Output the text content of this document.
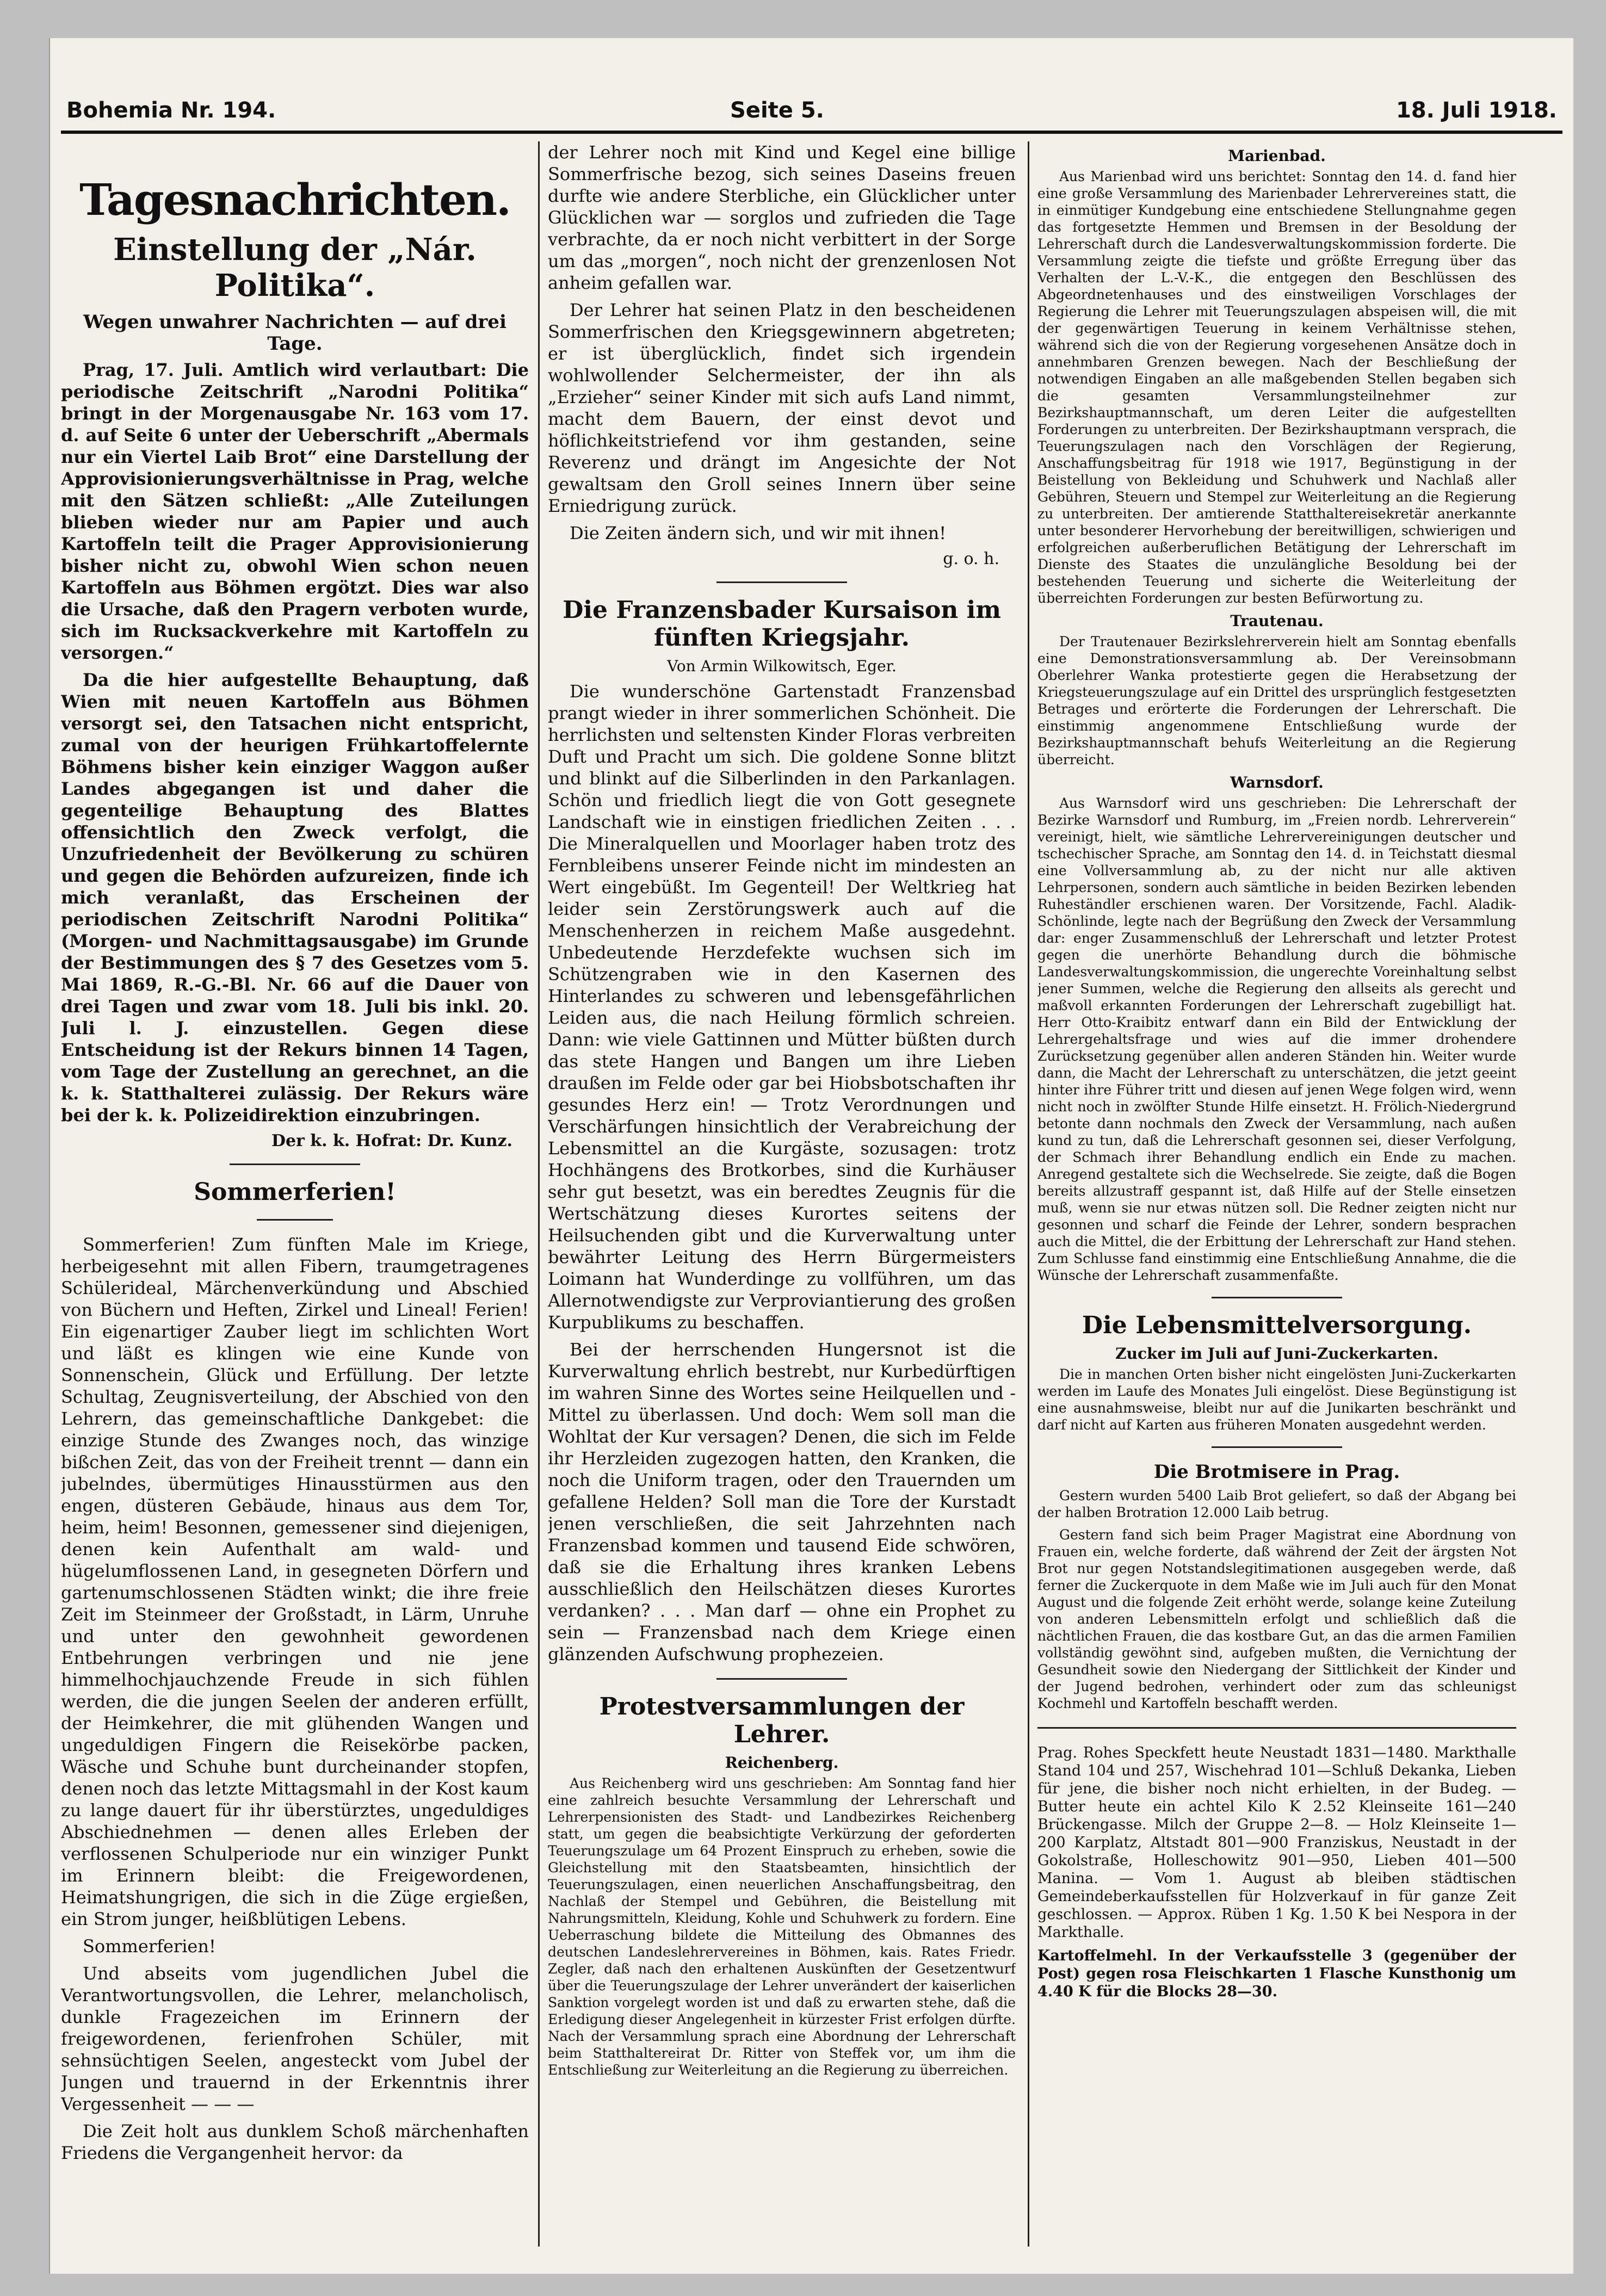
Bohemia Nr. 194.	Seite 5.	18. Juli 1918.
Tagesnachrichten.
Einstellung der „Nár. Politika“.
Wegen unwahrer Nachrichten — auf drei Tage.

Prag, 17. Juli. Amtlich wird verlautbart: Die periodische Zeitschrift „Narodni Politika“ bringt in der Morgenausgabe Nr. 163 vom 17. d. auf Seite 6 unter der Ueberschrift „Abermals nur ein Viertel Laib Brot“ eine Darstellung der Approvisionierungsverhältnisse in Prag, welche mit den Sätzen schließt: „Alle Zuteilungen blieben wieder nur am Papier und auch Kartoffeln teilt die Prager Approvisionierung bisher nicht zu, obwohl Wien schon neuen Kartoffeln aus Böhmen ergötzt. Dies war also die Ursache, daß den Pragern verboten wurde, sich im Rucksackverkehre mit Kartoffeln zu versorgen.“

Da die hier aufgestellte Behauptung, daß Wien mit neuen Kartoffeln aus Böhmen versorgt sei, den Tatsachen nicht entspricht, zumal von der heurigen Frühkartoffelernte Böhmens bisher kein einziger Waggon außer Landes abgegangen ist und daher die gegenteilige Behauptung des Blattes offensichtlich den Zweck verfolgt, die Unzufriedenheit der Bevölkerung zu schüren und gegen die Behörden aufzureizen, finde ich mich veranlaßt, das Erscheinen der periodischen Zeitschrift Narodni Politika“ (Morgen- und Nachmittagsausgabe) im Grunde der Bestimmungen des § 7 des Gesetzes vom 5. Mai 1869, R.-G.-Bl. Nr. 66 auf die Dauer von drei Tagen und zwar vom 18. Juli bis inkl. 20. Juli l. J. einzustellen. Gegen diese Entscheidung ist der Rekurs binnen 14 Tagen, vom Tage der Zustellung an gerechnet, an die k. k. Statthalterei zulässig. Der Rekurs wäre bei der k. k. Polizeidirektion einzubringen.

Der k. k. Hofrat: Dr. Kunz.
Sommerferien!

Sommerferien! Zum fünften Male im Kriege, herbeigesehnt mit allen Fibern, traumgetragenes Schülerideal, Märchenverkündung und Abschied von Büchern und Heften, Zirkel und Lineal! Ferien! Ein eigenartiger Zauber liegt im schlichten Wort und läßt es klingen wie eine Kunde von Sonnenschein, Glück und Erfüllung. Der letzte Schultag, Zeugnisverteilung, der Abschied von den Lehrern, das gemeinschaftliche Dankgebet: die einzige Stunde des Zwanges noch, das winzige bißchen Zeit, das von der Freiheit trennt — dann ein jubelndes, übermütiges Hinausstürmen aus den engen, düsteren Gebäude, hinaus aus dem Tor, heim, heim! Besonnen, gemessener sind diejenigen, denen kein Aufenthalt am wald- und hügelumflossenen Land, in gesegneten Dörfern und gartenumschlossenen Städten winkt; die ihre freie Zeit im Steinmeer der Großstadt, in Lärm, Unruhe und unter den gewohnheit gewordenen Entbehrungen verbringen und nie jene himmelhochjauchzende Freude in sich fühlen werden, die die jungen Seelen der anderen erfüllt, der Heimkehrer, die mit glühenden Wangen und ungeduldigen Fingern die Reisekörbe packen, Wäsche und Schuhe bunt durcheinander stopfen, denen noch das letzte Mittagsmahl in der Kost kaum zu lange dauert für ihr überstürztes, ungeduldiges Abschiednehmen — denen alles Erleben der verflossenen Schulperiode nur ein winziger Punkt im Erinnern bleibt: die Freigewordenen, Heimatshungrigen, die sich in die Züge ergießen, ein Strom junger, heißblütigen Lebens.

Sommerferien!

Und abseits vom jugendlichen Jubel die Verantwortungsvollen, die Lehrer, melancholisch, dunkle Fragezeichen im Erinnern der freigewordenen, ferienfrohen Schüler, mit sehnsüchtigen Seelen, angesteckt vom Jubel der Jungen und trauernd in der Erkenntnis ihrer Vergessenheit — — —

Die Zeit holt aus dunklem Schoß märchenhaften Friedens die Vergangenheit hervor: da

der Lehrer noch mit Kind und Kegel eine billige Sommerfrische bezog, sich seines Daseins freuen durfte wie andere Sterbliche, ein Glücklicher unter Glücklichen war — sorglos und zufrieden die Tage verbrachte, da er noch nicht verbittert in der Sorge um das „morgen“, noch nicht der grenzenlosen Not anheim gefallen war.

Der Lehrer hat seinen Platz in den bescheidenen Sommerfrischen den Kriegsgewinnern abgetreten; er ist überglücklich, findet sich irgendein wohlwollender Selchermeister, der ihn als „Erzieher“ seiner Kinder mit sich aufs Land nimmt, macht dem Bauern, der einst devot und höflichkeitstriefend vor ihm gestanden, seine Reverenz und drängt im Angesichte der Not gewaltsam den Groll seines Innern über seine Erniedrigung zurück.

Die Zeiten ändern sich, und wir mit ihnen!

g. o. h.
Die Franzensbader Kursaison im fünften Kriegsjahr.
Von Armin Wilkowitsch, Eger.

Die wunderschöne Gartenstadt Franzensbad prangt wieder in ihrer sommerlichen Schönheit. Die herrlichsten und seltensten Kinder Floras verbreiten Duft und Pracht um sich. Die goldene Sonne blitzt und blinkt auf die Silberlinden in den Parkanlagen. Schön und friedlich liegt die von Gott gesegnete Landschaft wie in einstigen friedlichen Zeiten . . . Die Mineralquellen und Moorlager haben trotz des Fernbleibens unserer Feinde nicht im mindesten an Wert eingebüßt. Im Gegenteil! Der Weltkrieg hat leider sein Zerstörungswerk auch auf die Menschenherzen in reichem Maße ausgedehnt. Unbedeutende Herzdefekte wuchsen sich im Schützengraben wie in den Kasernen des Hinterlandes zu schweren und lebensgefährlichen Leiden aus, die nach Heilung förmlich schreien. Dann: wie viele Gattinnen und Mütter büßten durch das stete Hangen und Bangen um ihre Lieben draußen im Felde oder gar bei Hiobsbotschaften ihr gesundes Herz ein! — Trotz Verordnungen und Verschärfungen hinsichtlich der Verabreichung der Lebensmittel an die Kurgäste, sozusagen: trotz Hochhängens des Brotkorbes, sind die Kurhäuser sehr gut besetzt, was ein beredtes Zeugnis für die Wertschätzung dieses Kurortes seitens der Heilsuchenden gibt und die Kurverwaltung unter bewährter Leitung des Herrn Bürgermeisters Loimann hat Wunderdinge zu vollführen, um das Allernotwendigste zur Verproviantierung des großen Kurpublikums zu beschaffen.

Bei der herrschenden Hungersnot ist die Kurverwaltung ehrlich bestrebt, nur Kurbedürftigen im wahren Sinne des Wortes seine Heilquellen und -Mittel zu überlassen. Und doch: Wem soll man die Wohltat der Kur versagen? Denen, die sich im Felde ihr Herzleiden zugezogen hatten, den Kranken, die noch die Uniform tragen, oder den Trauernden um gefallene Helden? Soll man die Tore der Kurstadt jenen verschließen, die seit Jahrzehnten nach Franzensbad kommen und tausend Eide schwören, daß sie die Erhaltung ihres kranken Lebens ausschließlich den Heilschätzen dieses Kurortes verdanken? . . . Man darf — ohne ein Prophet zu sein — Franzensbad nach dem Kriege einen glänzenden Aufschwung prophezeien.

Protestversammlungen der Lehrer.
Reichenberg.

Aus Reichenberg wird uns geschrieben: Am Sonntag fand hier eine zahlreich besuchte Versammlung der Lehrerschaft und Lehrerpensionisten des Stadt- und Landbezirkes Reichenberg statt, um gegen die beabsichtigte Verkürzung der geforderten Teuerungszulage um 64 Prozent Einspruch zu erheben, sowie die Gleichstellung mit den Staatsbeamten, hinsichtlich der Teuerungszulagen, einen neuerlichen Anschaffungsbeitrag, den Nachlaß der Stempel und Gebühren, die Beistellung mit Nahrungsmitteln, Kleidung, Kohle und Schuhwerk zu fordern. Eine Ueberraschung bildete die Mitteilung des Obmannes des deutschen Landeslehrervereines in Böhmen, kais. Rates Friedr. Zegler, daß nach den erhaltenen Auskünften der Gesetzentwurf über die Teuerungszulage der Lehrer unverändert der kaiserlichen Sanktion vorgelegt worden ist und daß zu erwarten stehe, daß die Erledigung dieser Angelegenheit in kürzester Frist erfolgen dürfte. Nach der Versammlung sprach eine Abordnung der Lehrerschaft beim Statthaltereirat Dr. Ritter von Steffek vor, um ihm die Entschließung zur Weiterleitung an die Regierung zu überreichen.

Marienbad.

Aus Marienbad wird uns berichtet: Sonntag den 14. d. fand hier eine große Versammlung des Marienbader Lehrervereines statt, die in einmütiger Kundgebung eine entschiedene Stellungnahme gegen das fortgesetzte Hemmen und Bremsen in der Besoldung der Lehrerschaft durch die Landesverwaltungskommission forderte. Die Versammlung zeigte die tiefste und größte Erregung über das Verhalten der L.-V.-K., die entgegen den Beschlüssen des Abgeordnetenhauses und des einstweiligen Vorschlages der Regierung die Lehrer mit Teuerungszulagen abspeisen will, die mit der gegenwärtigen Teuerung in keinem Verhältnisse stehen, während sich die von der Regierung vorgesehenen Ansätze doch in annehmbaren Grenzen bewegen. Nach der Beschließung der notwendigen Eingaben an alle maßgebenden Stellen begaben sich die gesamten Versammlungsteilnehmer zur Bezirkshauptmannschaft, um deren Leiter die aufgestellten Forderungen zu unterbreiten. Der Bezirkshauptmann versprach, die Teuerungszulagen nach den Vorschlägen der Regierung, Anschaffungsbeitrag für 1918 wie 1917, Begünstigung in der Beistellung von Bekleidung und Schuhwerk und Nachlaß aller Gebühren, Steuern und Stempel zur Weiterleitung an die Regierung zu unterbreiten. Der amtierende Statthaltereisekretär anerkannte unter besonderer Hervorhebung der bereitwilligen, schwierigen und erfolgreichen außerberuflichen Betätigung der Lehrerschaft im Dienste des Staates die unzulängliche Besoldung bei der bestehenden Teuerung und sicherte die Weiterleitung der überreichten Forderungen zur besten Befürwortung zu.

Trautenau.

Der Trautenauer Bezirkslehrerverein hielt am Sonntag ebenfalls eine Demonstrationsversammlung ab. Der Vereinsobmann Oberlehrer Wanka protestierte gegen die Herabsetzung der Kriegsteuerungszulage auf ein Drittel des ursprünglich festgesetzten Betrages und erörterte die Forderungen der Lehrerschaft. Die einstimmig angenommene Entschließung wurde der Bezirkshauptmannschaft behufs Weiterleitung an die Regierung überreicht.

Warnsdorf.

Aus Warnsdorf wird uns geschrieben: Die Lehrerschaft der Bezirke Warnsdorf und Rumburg, im „Freien nordb. Lehrerverein“ vereinigt, hielt, wie sämtliche Lehrervereinigungen deutscher und tschechischer Sprache, am Sonntag den 14. d. in Teichstatt diesmal eine Vollversammlung ab, zu der nicht nur alle aktiven Lehrpersonen, sondern auch sämtliche in beiden Bezirken lebenden Ruheständler erschienen waren. Der Vorsitzende, Fachl. Aladik-Schönlinde, legte nach der Begrüßung den Zweck der Versammlung dar: enger Zusammenschluß der Lehrerschaft und letzter Protest gegen die unerhörte Behandlung durch die böhmische Landesverwaltungskommission, die ungerechte Voreinhaltung selbst jener Summen, welche die Regierung den allseits als gerecht und maßvoll erkannten Forderungen der Lehrerschaft zugebilligt hat. Herr Otto-Kraibitz entwarf dann ein Bild der Entwicklung der Lehrergehaltsfrage und wies auf die immer drohendere Zurücksetzung gegenüber allen anderen Ständen hin. Weiter wurde dann, die Macht der Lehrerschaft zu unterschätzen, die jetzt geeint hinter ihre Führer tritt und diesen auf jenen Wege folgen wird, wenn nicht noch in zwölfter Stunde Hilfe einsetzt. H. Frölich-Niedergrund betonte dann nochmals den Zweck der Versammlung, nach außen kund zu tun, daß die Lehrerschaft gesonnen sei, dieser Verfolgung, der Schmach ihrer Behandlung endlich ein Ende zu machen. Anregend gestaltete sich die Wechselrede. Sie zeigte, daß die Bogen bereits allzustraff gespannt ist, daß Hilfe auf der Stelle einsetzen muß, wenn sie nur etwas nützen soll. Die Redner zeigten nicht nur gesonnen und scharf die Feinde der Lehrer, sondern besprachen auch die Mittel, die der Erbittung der Lehrerschaft zur Hand stehen. Zum Schlusse fand einstimmig eine Entschließung Annahme, die die Wünsche der Lehrerschaft zusammenfaßte.

Die Lebensmittelversorgung.
Zucker im Juli auf Juni-Zuckerkarten.

Die in manchen Orten bisher nicht eingelösten Juni-Zuckerkarten werden im Laufe des Monates Juli eingelöst. Diese Begünstigung ist eine ausnahmsweise, bleibt nur auf die Junikarten beschränkt und darf nicht auf Karten aus früheren Monaten ausgedehnt werden.

Die Brotmisere in Prag.

Gestern wurden 5400 Laib Brot geliefert, so daß der Abgang bei der halben Brotration 12.000 Laib betrug.

Gestern fand sich beim Prager Magistrat eine Abordnung von Frauen ein, welche forderte, daß während der Zeit der ärgsten Not Brot nur gegen Notstandslegitimationen ausgegeben werde, daß ferner die Zuckerquote in dem Maße wie im Juli auch für den Monat August und die folgende Zeit erhöht werde, solange keine Zuteilung von anderen Lebensmitteln erfolgt und schließlich daß die nächtlichen Frauen, die das kostbare Gut, an das die armen Familien vollständig gewöhnt sind, aufgeben mußten, die Vernichtung der Gesundheit sowie den Niedergang der Sittlichkeit der Kinder und der Jugend bedrohen, verhindert oder zum das schleunigst Kochmehl und Kartoffeln beschafft werden.

Prag. Rohes Speckfett heute Neustadt 1831—1480. Markthalle Stand 104 und 257, Wischehrad 101—Schluß Dekanka, Lieben für jene, die bisher noch nicht erhielten, in der Budeg. — Butter heute ein achtel Kilo K 2.52 Kleinseite 161—240 Brückengasse. Milch der Gruppe 2—8. — Holz Kleinseite 1—200 Karplatz, Altstadt 801—900 Franziskus, Neustadt in der Gokolstraße, Holleschowitz 901—950, Lieben 401—500 Manina. — Vom 1. August ab bleiben städtischen Gemeindeberkaufsstellen für Holzverkauf in für ganze Zeit geschlossen. — Approx. Rüben 1 Kg. 1.50 K bei Nespora in der Markthalle.

Kartoffelmehl. In der Verkaufsstelle 3 (gegenüber der Post) gegen rosa Fleischkarten 1 Flasche Kunsthonig um 4.40 K für die Blocks 28—30.
